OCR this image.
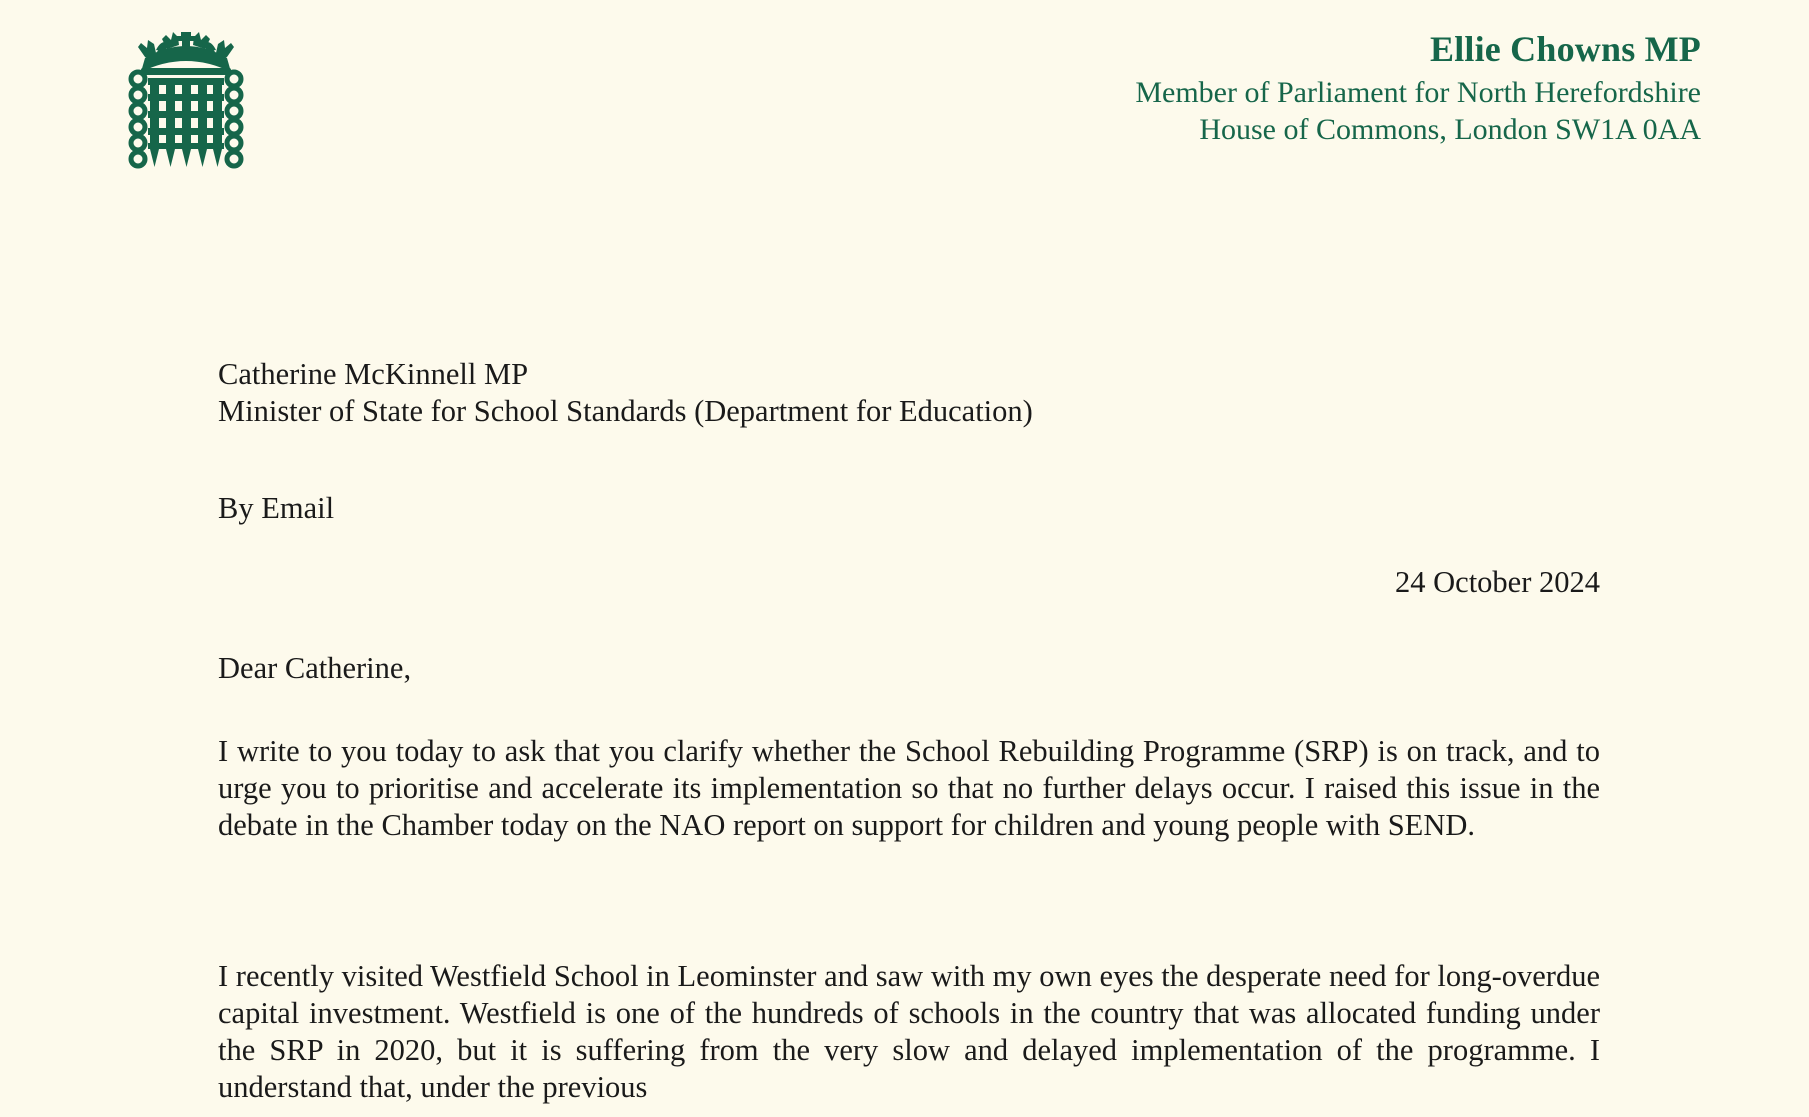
Ellie Chowns MP
Member of Parliament for North Herefordshire
House of Commons, London SW1A 0AA
Catherine McKinnell MP
Minister of State for School Standards (Department for Education)
By Email
24 October 2024
Dear Catherine,
I write to you today to ask that you clarify whether the School Rebuilding Programme (SRP) is on track, and to urge you to prioritise and accelerate its implementation so that no further delays occur. I raised this issue in the debate in the Chamber today on the NAO report on support for children and young people with SEND.
I recently visited Westfield School in Leominster and saw with my own eyes the desperate need for long-overdue capital investment. Westfield is one of the hundreds of schools in the country that was allocated funding under the SRP in 2020, but it is suffering from the very slow and delayed implementation of the programme. I understand that, under the previous
